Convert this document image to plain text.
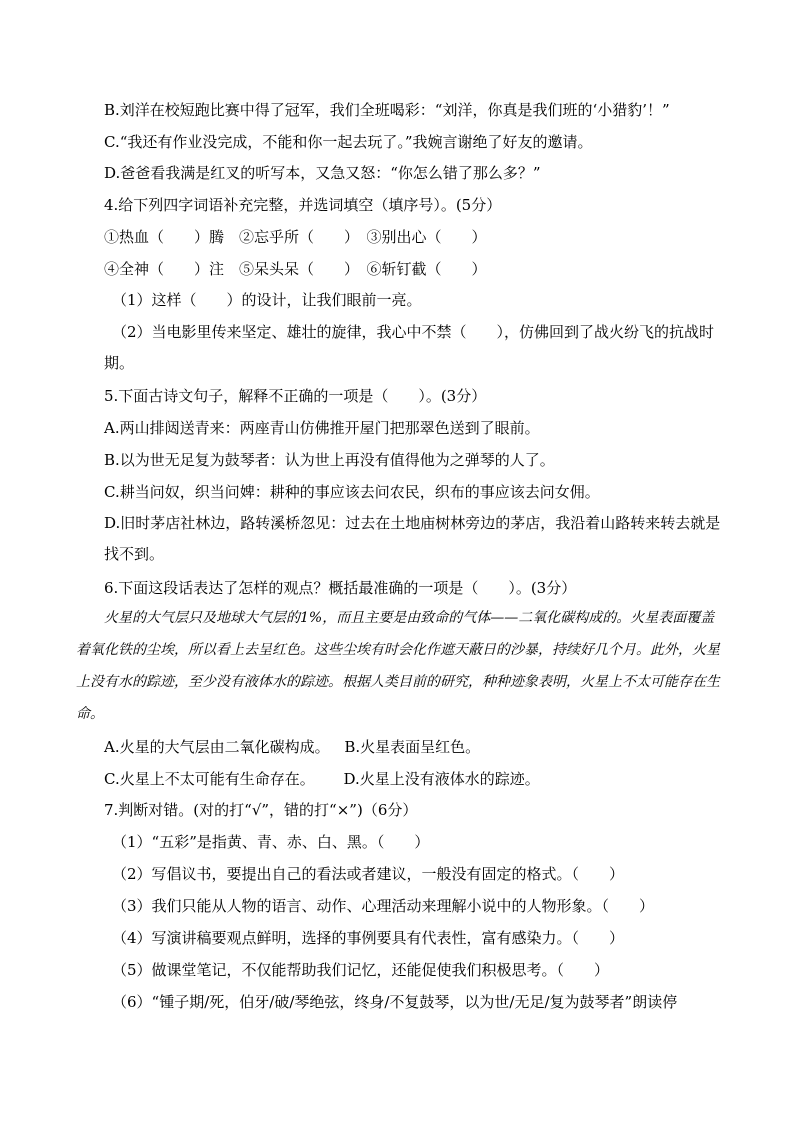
B.刘洋在校短跑比赛中得了冠军，我们全班喝彩：“刘洋，你真是我们班的‘小猎豹’！”

C.“我还有作业没完成，不能和你一起去玩了。”我婉言谢绝了好友的邀请。

D.爸爸看我满是红叉的听写本，又急又怒：“你怎么错了那么多？”

4.给下列四字词语补充完整，并选词填空（填序号）。(5分）

①热血（　　）腾　②忘乎所（　　）　③别出心（　　）

④全神（　　）注　⑤呆头呆（　　）　⑥斩钉截（　　）

（1）这样（　　）的设计，让我们眼前一亮。

（2）当电影里传来坚定、雄壮的旋律，我心中不禁（　　），仿佛回到了战火纷飞的抗战时期。

5.下面古诗文句子，解释不正确的一项是（　　）。(3分）

A.两山排闼送青来：两座青山仿佛推开屋门把那翠色送到了眼前。

B.以为世无足复为鼓琴者：认为世上再没有值得他为之弹琴的人了。

C.耕当问奴，织当问婢：耕种的事应该去问农民，织布的事应该去问女佣。

D.旧时茅店社林边，路转溪桥忽见：过去在土地庙树林旁边的茅店，我沿着山路转来转去就是找不到。

6.下面这段话表达了怎样的观点？概括最准确的一项是（　　）。(3分）

火星的大气层只及地球大气层的1%，而且主要是由致命的气体——二氧化碳构成的。火星表面覆盖着氧化铁的尘埃，所以看上去呈红色。这些尘埃有时会化作遮天蔽日的沙暴，持续好几个月。此外，火星上没有水的踪迹，至少没有液体水的踪迹。根据人类目前的研究，种种迹象表明，火星上不太可能存在生命。

A.火星的大气层由二氧化碳构成。 B.火星表面呈红色。

C.火星上不太可能有生命存在。 D.火星上没有液体水的踪迹。

7.判断对错。(对的打“√”，错的打“×”)（6分）

（1）“五彩”是指黄、青、赤、白、黑。（　　）

（2）写倡议书，要提出自己的看法或者建议，一般没有固定的格式。（　　）

（3）我们只能从人物的语言、动作、心理活动来理解小说中的人物形象。（　　）

（4）写演讲稿要观点鲜明，选择的事例要具有代表性，富有感染力。（　　）

（5）做课堂笔记，不仅能帮助我们记忆，还能促使我们积极思考。（　　）

（6）“锺子期/死，伯牙/破/琴绝弦，终身/不复鼓琴，以为世/无足/复为鼓琴者”朗读停
